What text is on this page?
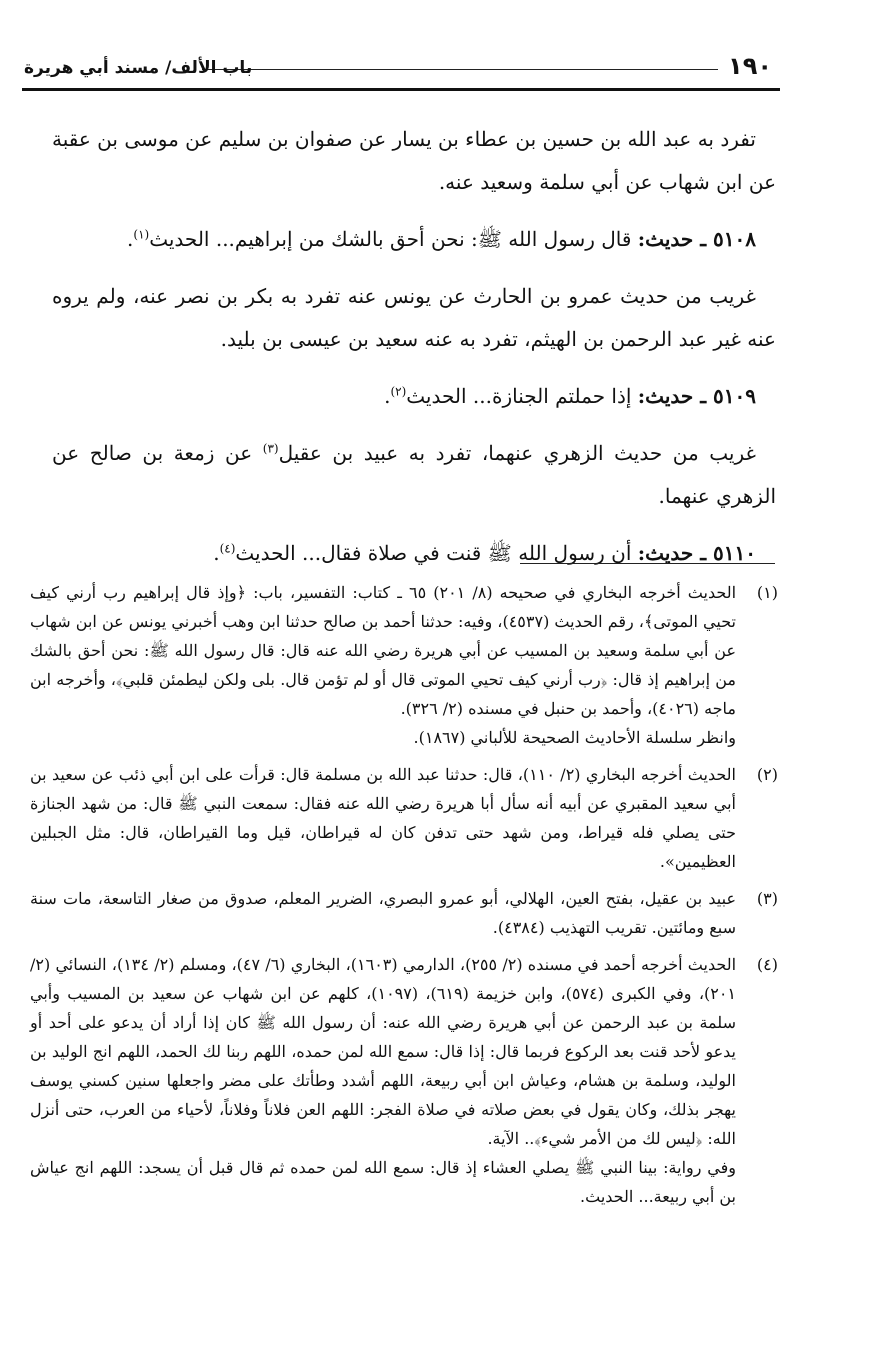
١٩٠
باب الألف/ مسند أبي هريرة

تفرد به عبد الله بن حسين بن عطاء بن يسار عن صفوان بن سليم عن موسى بن عقبة عن ابن شهاب عن أبي سلمة وسعيد عنه.

٥١٠٨ ـ حديث: قال رسول الله ﷺ: نحن أحق بالشك من إبراهيم... الحديث$^{(١)}$.

غريب من حديث عمرو بن الحارث عن يونس عنه تفرد به بكر بن نصر عنه، ولم يروه عنه غير عبد الرحمن بن الهيثم، تفرد به عنه سعيد بن عيسى بن بليد.

٥١٠٩ ـ حديث: إذا حملتم الجنازة... الحديث$^{(٢)}$.

غريب من حديث الزهري عنهما، تفرد به عبيد بن عقيل$^{(٣)}$ عن زمعة بن صالح عن الزهري عنهما.

٥١١٠ ـ حديث: أن رسول الله ﷺ قنت في صلاة فقال... الحديث$^{(٤)}$.

(١)

الحديث أخرجه البخاري في صحيحه (٨/ ٢٠١) ٦٥ ـ كتاب: التفسير، باب: ﴿وإذ قال إبراهيم رب أرني كيف تحيي الموتى﴾، رقم الحديث (٤٥٣٧)، وفيه: حدثنا أحمد بن صالح حدثنا ابن وهب أخبرني يونس عن ابن شهاب عن أبي سلمة وسعيد بن المسيب عن أبي هريرة رضي الله عنه قال: قال رسول الله ﷺ: نحن أحق بالشك من إبراهيم إذ قال: ﴿رب أرني كيف تحيي الموتى قال أو لم تؤمن قال. بلى ولكن ليطمئن قلبي﴾، وأخرجه ابن ماجه (٤٠٢٦)، وأحمد بن حنبل في مسنده (٢/ ٣٢٦).

وانظر سلسلة الأحاديث الصحيحة للألباني (١٨٦٧).

(٢)

الحديث أخرجه البخاري (٢/ ١١٠)، قال: حدثنا عبد الله بن مسلمة قال: قرأت على ابن أبي ذئب عن سعيد بن أبي سعيد المقبري عن أبيه أنه سأل أبا هريرة رضي الله عنه فقال: سمعت النبي ﷺ قال: من شهد الجنازة حتى يصلي فله قيراط، ومن شهد حتى تدفن كان له قيراطان، قيل وما القيراطان، قال: مثل الجبلين العظيمين».

(٣)

عبيد بن عقيل، بفتح العين، الهلالي، أبو عمرو البصري، الضرير المعلم، صدوق من صغار التاسعة، مات سنة سبع ومائتين. تقريب التهذيب (٤٣٨٤).

(٤)

الحديث أخرجه أحمد في مسنده (٢/ ٢٥٥)، الدارمي (١٦٠٣)، البخاري (٦/ ٤٧)، ومسلم (٢/ ١٣٤)، النسائي (٢/ ٢٠١)، وفي الكبرى (٥٧٤)، وابن خزيمة (٦١٩)، (١٠٩٧)، كلهم عن ابن شهاب عن سعيد بن المسيب وأبي سلمة بن عبد الرحمن عن أبي هريرة رضي الله عنه: أن رسول الله ﷺ كان إذا أراد أن يدعو على أحد أو يدعو لأحد قنت بعد الركوع فربما قال: إذا قال: سمع الله لمن حمده، اللهم ربنا لك الحمد، اللهم انج الوليد بن الوليد، وسلمة بن هشام، وعياش ابن أبي ربيعة، اللهم أشدد وطأتك على مضر واجعلها سنين كسني يوسف يهجر بذلك، وكان يقول في بعض صلاته في صلاة الفجر: اللهم العن فلاناً وفلاناً، لأحياء من العرب، حتى أنزل الله: ﴿ليس لك من الأمر شيء﴾.. الآية.

وفي رواية: بينا النبي ﷺ يصلي العشاء إذ قال: سمع الله لمن حمده ثم قال قبل أن يسجد: اللهم انج عياش بن أبي ربيعة... الحديث.
